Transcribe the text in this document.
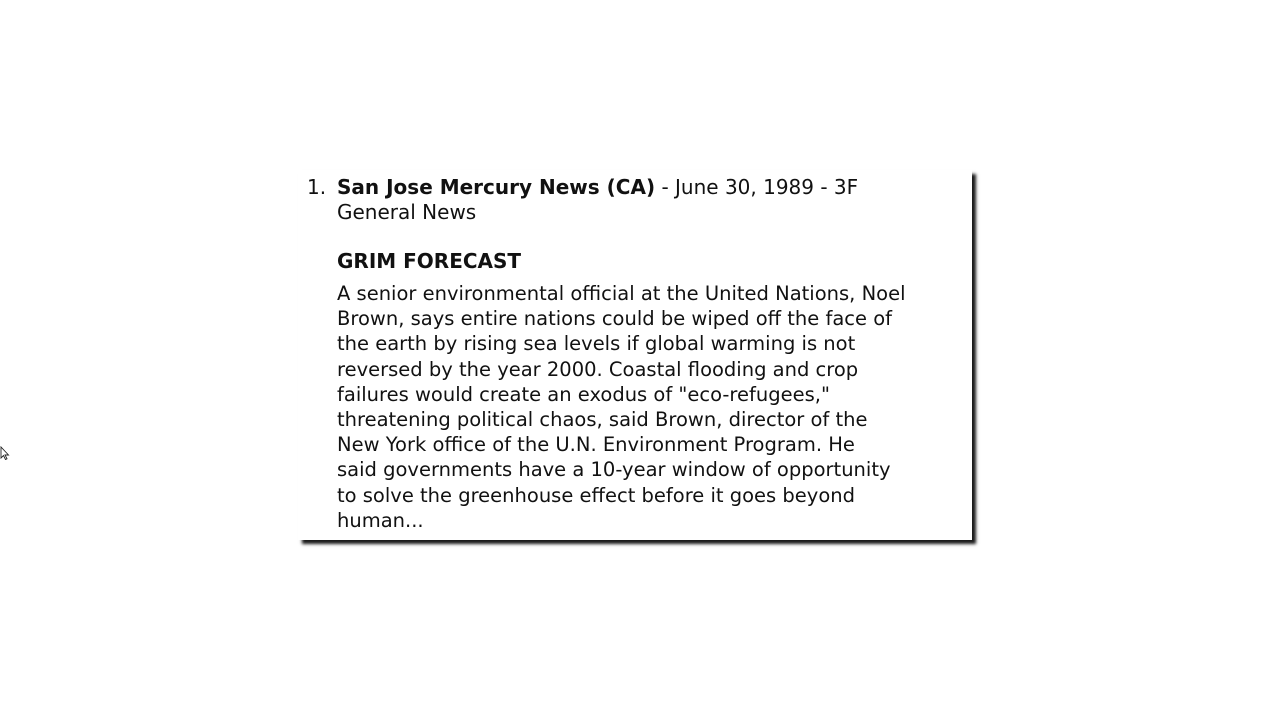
1. San Jose Mercury News (CA) - June 30, 1989 - 3F
General News
GRIM FORECAST
A senior environmental official at the United Nations, Noel
Brown, says entire nations could be wiped off the face of
the earth by rising sea levels if global warming is not
reversed by the year 2000. Coastal flooding and crop
failures would create an exodus of "eco-refugees,"
threatening political chaos, said Brown, director of the
New York office of the U.N. Environment Program. He
said governments have a 10-year window of opportunity
to solve the greenhouse effect before it goes beyond
human...
